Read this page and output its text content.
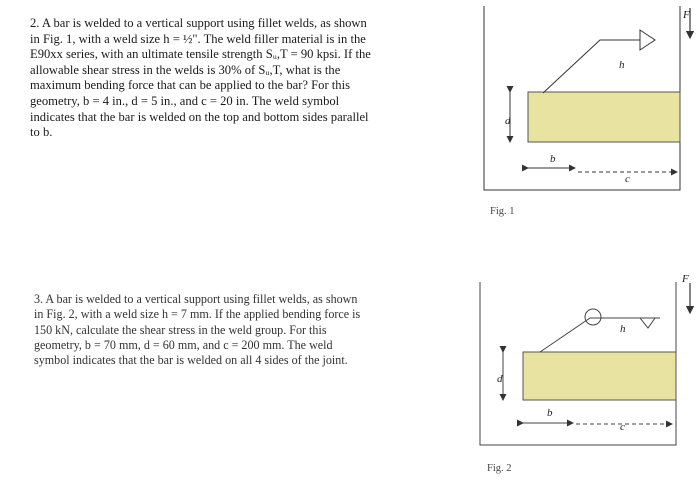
2. A bar is welded to a vertical support using fillet welds, as shown
in Fig. 1, with a weld size h = ½". The weld filler material is in the
E90xx series, with an ultimate tensile strength Sᵤ,T = 90 kpsi. If the
allowable shear stress in the welds is 30% of Sᵤ,T, what is the
maximum bending force that can be applied to the bar? For this
geometry, b = 4 in., d = 5 in., and c = 20 in. The weld symbol
indicates that the bar is welded on the top and bottom sides parallel
to b.
3. A bar is welded to a vertical support using fillet welds, as shown
in Fig. 2, with a weld size h = 7 mm. If the applied bending force is
150 kN, calculate the shear stress in the weld group. For this
geometry, b = 70 mm, d = 60 mm, and c = 200 mm. The weld
symbol indicates that the bar is welded on all 4 sides of the joint.
F
h
d
b
c
F
h
d
b
c
Fig. 1
Fig. 2
